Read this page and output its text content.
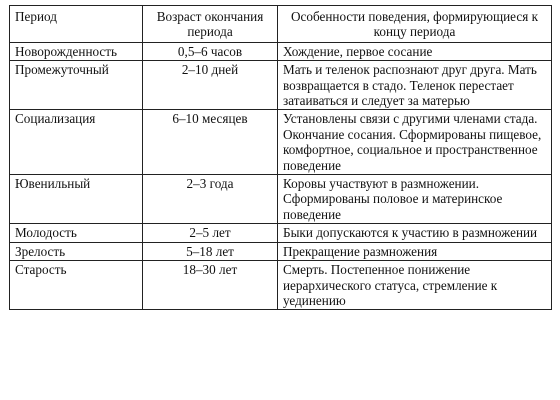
Период	Возраст окончания периода	Особенности поведения, формирующиеся к концу периода
Новорожденность	0,5–6 часов	Хождение, первое сосание
Промежуточный	2–10 дней	Мать и теленок распознают друг друга. Мать возвращается в стадо. Теленок перестает затаиваться и следует за матерью
Социализация	6–10 месяцев	Установлены связи с другими членами стада. Окончание сосания. Сформированы пищевое, комфортное, социальное и пространственное поведение
Ювенильный	2–3 года	Коровы участвуют в размножении. Сформированы половое и материнское поведение
Молодость	2–5 лет	Быки допускаются к участию в размножении
Зрелость	5–18 лет	Прекращение размножения
Старость	18–30 лет	Смерть. Постепенное понижение иерархического статуса, стремление к уединению
